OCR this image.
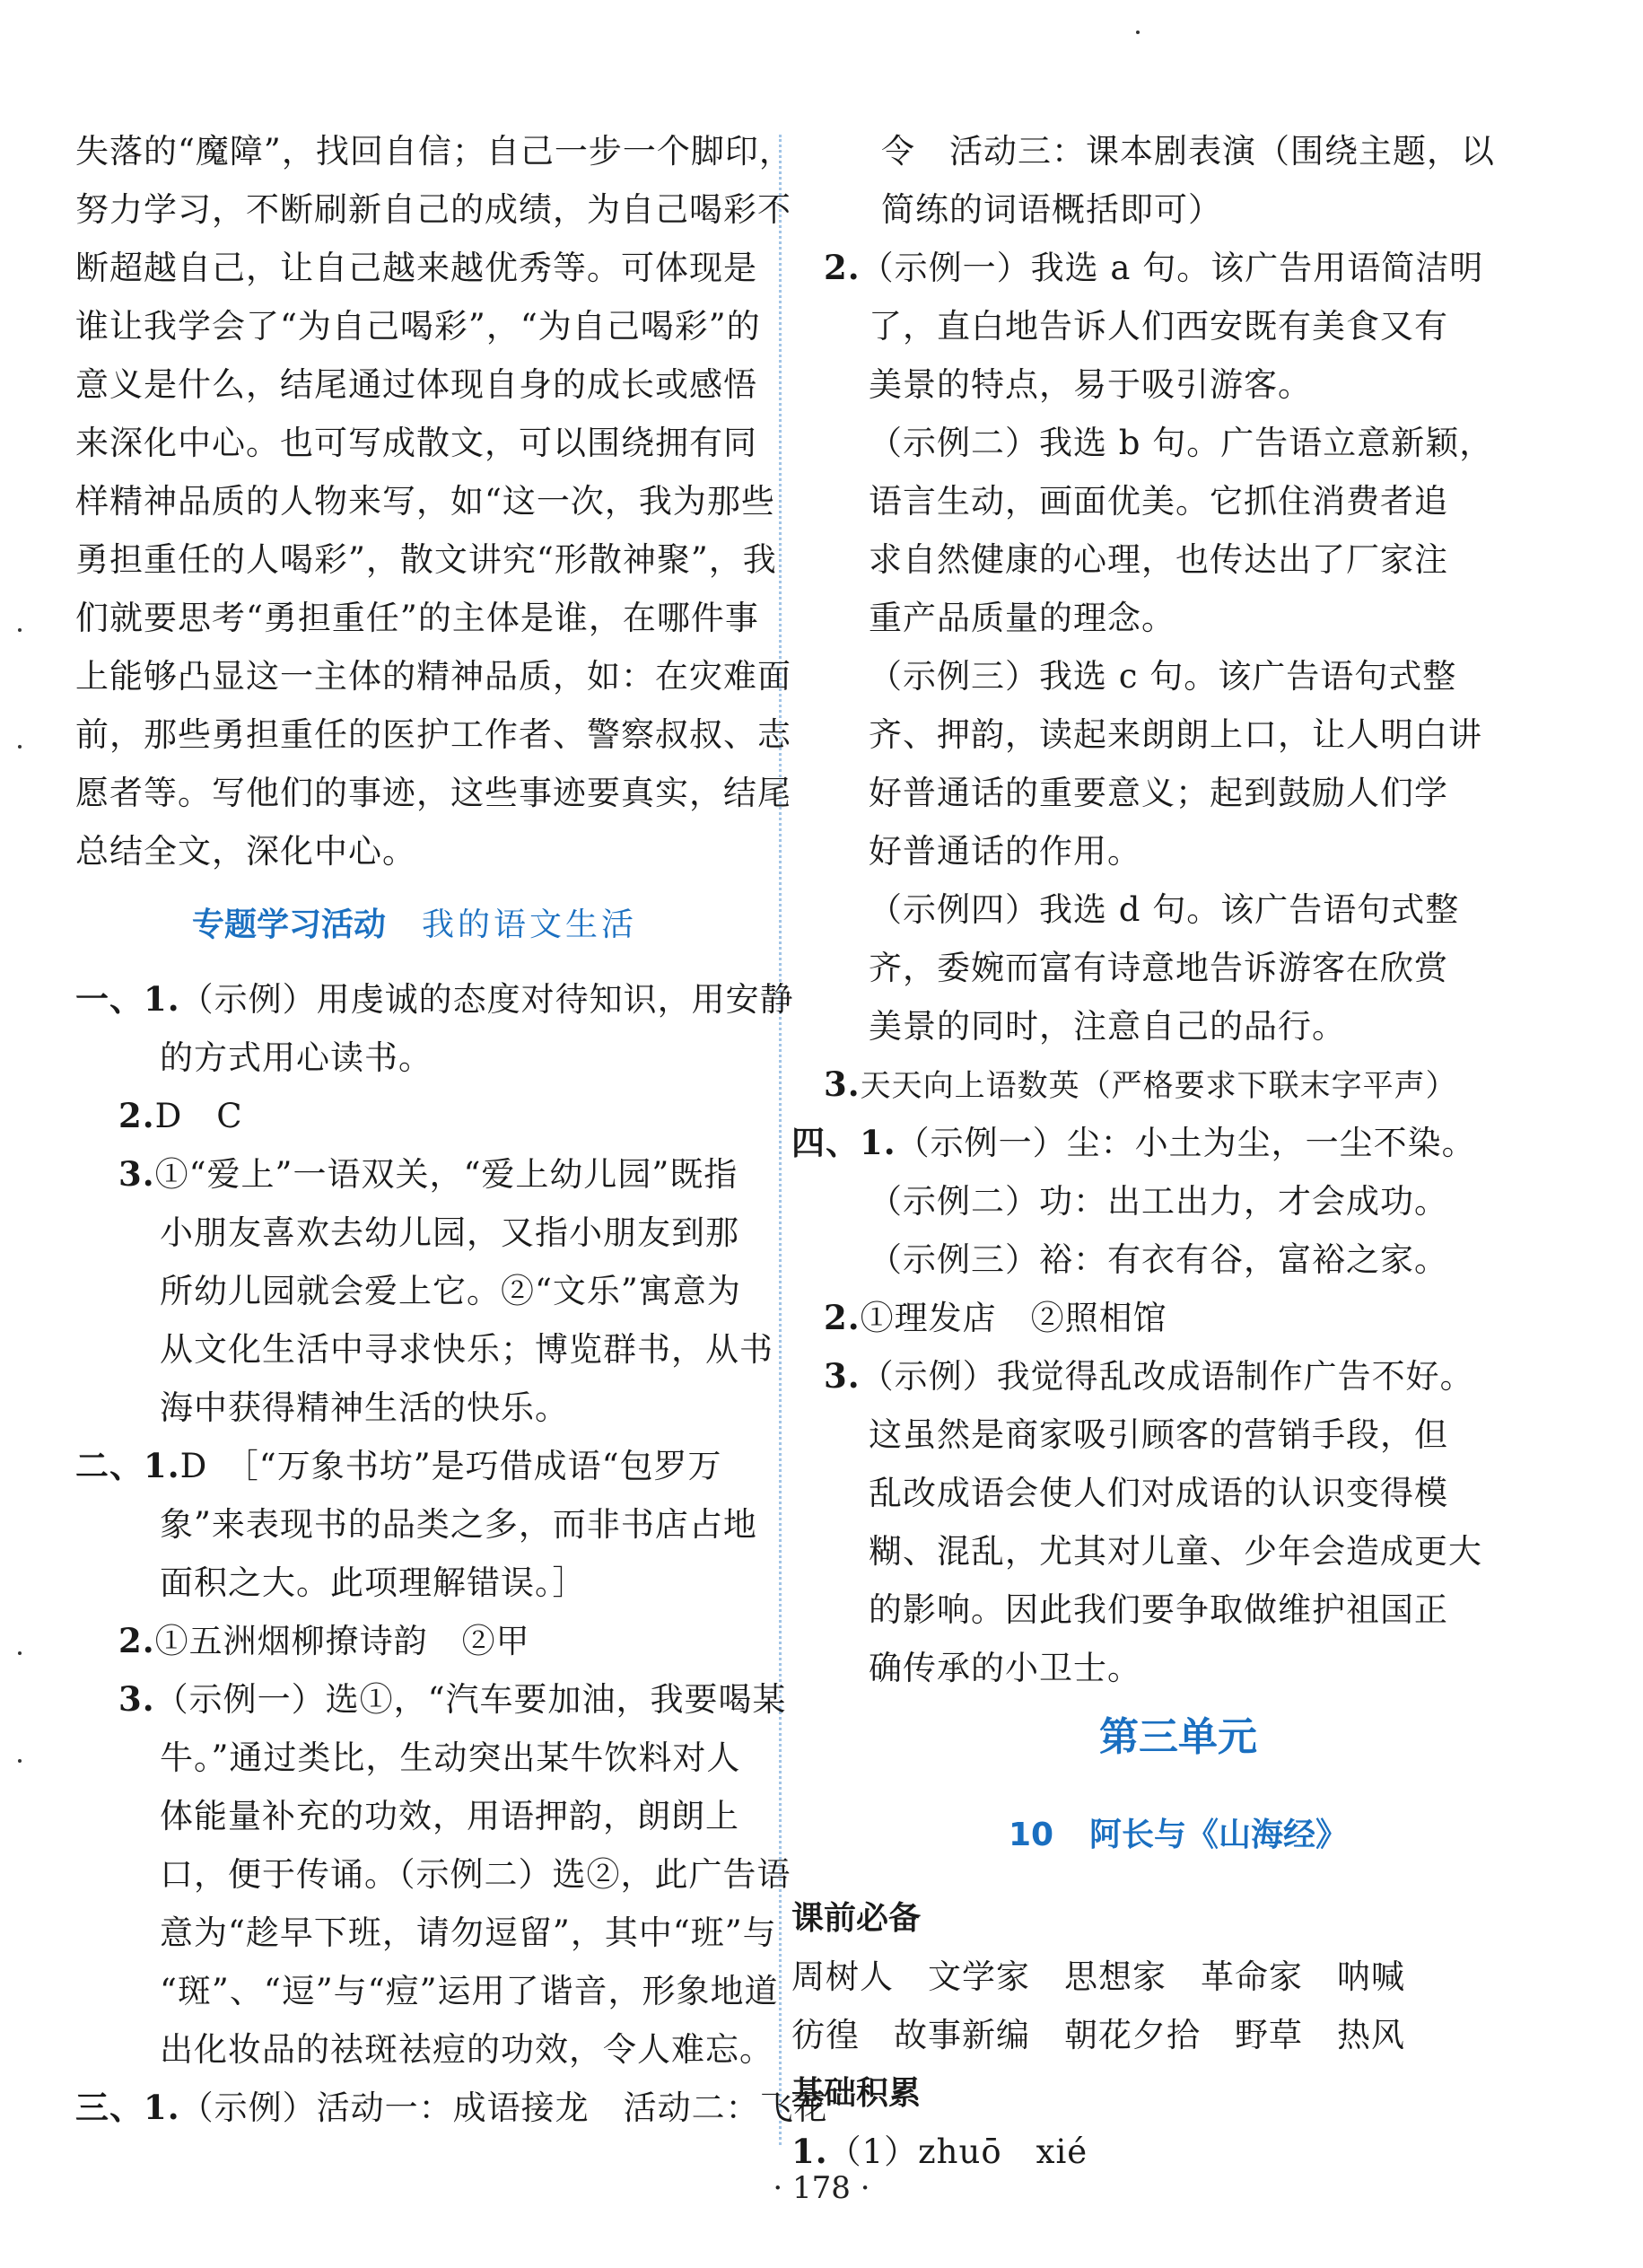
失落的“魔障”，找回自信；自己一步一个脚印，
努力学习，不断刷新自己的成绩，为自己喝彩不
断超越自己，让自己越来越优秀等。可体现是
谁让我学会了“为自己喝彩”，“为自己喝彩”的
意义是什么，结尾通过体现自身的成长或感悟
来深化中心。也可写成散文，可以围绕拥有同
样精神品质的人物来写，如“这一次，我为那些
勇担重任的人喝彩”，散文讲究“形散神聚”，我
们就要思考“勇担重任”的主体是谁，在哪件事
上能够凸显这一主体的精神品质，如：在灾难面
前，那些勇担重任的医护工作者、警察叔叔、志
愿者等。写他们的事迹，这些事迹要真实，结尾
总结全文，深化中心。
专题学习活动 我的语文生活
一、1.（示例）用虔诚的态度对待知识，用安静
的方式用心读书。
2.D　C
3.①“爱上”一语双关，“爱上幼儿园”既指
小朋友喜欢去幼儿园，又指小朋友到那
所幼儿园就会爱上它。②“文乐”寓意为
从文化生活中寻求快乐；博览群书，从书
海中获得精神生活的快乐。
二、1.D　［“万象书坊”是巧借成语“包罗万
象”来表现书的品类之多，而非书店占地
面积之大。此项理解错误。］
2.①五洲烟柳撩诗韵　②甲
3.（示例一）选①，“汽车要加油，我要喝某
牛。”通过类比，生动突出某牛饮料对人
体能量补充的功效，用语押韵，朗朗上
口，便于传诵。（示例二）选②，此广告语
意为“趁早下班，请勿逗留”，其中“班”与
“斑”、“逗”与“痘”运用了谐音，形象地道
出化妆品的祛斑祛痘的功效，令人难忘。
三、1.（示例）活动一：成语接龙　活动二：飞花
令　活动三：课本剧表演（围绕主题，以
简练的词语概括即可）
2.（示例一）我选 a 句。该广告用语简洁明
了，直白地告诉人们西安既有美食又有
美景的特点，易于吸引游客。
（示例二）我选 b 句。广告语立意新颖，
语言生动，画面优美。它抓住消费者追
求自然健康的心理，也传达出了厂家注
重产品质量的理念。
（示例三）我选 c 句。该广告语句式整
齐、押韵，读起来朗朗上口，让人明白讲
好普通话的重要意义；起到鼓励人们学
好普通话的作用。
（示例四）我选 d 句。该广告语句式整
齐，委婉而富有诗意地告诉游客在欣赏
美景的同时，注意自己的品行。
3.天天向上语数英（严格要求下联末字平声）
四、1.（示例一）尘：小土为尘，一尘不染。
（示例二）功：出工出力，才会成功。
（示例三）裕：有衣有谷，富裕之家。
2.①理发店　②照相馆
3.（示例）我觉得乱改成语制作广告不好。
这虽然是商家吸引顾客的营销手段，但
乱改成语会使人们对成语的认识变得模
糊、混乱，尤其对儿童、少年会造成更大
的影响。因此我们要争取做维护祖国正
确传承的小卫士。
第三单元
10 阿长与《山海经》
课前必备
周树人　文学家　思想家　革命家　呐喊
彷徨　故事新编　朝花夕拾　野草　热风
基础积累
1.（1）zhuō　xié
· 178 ·
